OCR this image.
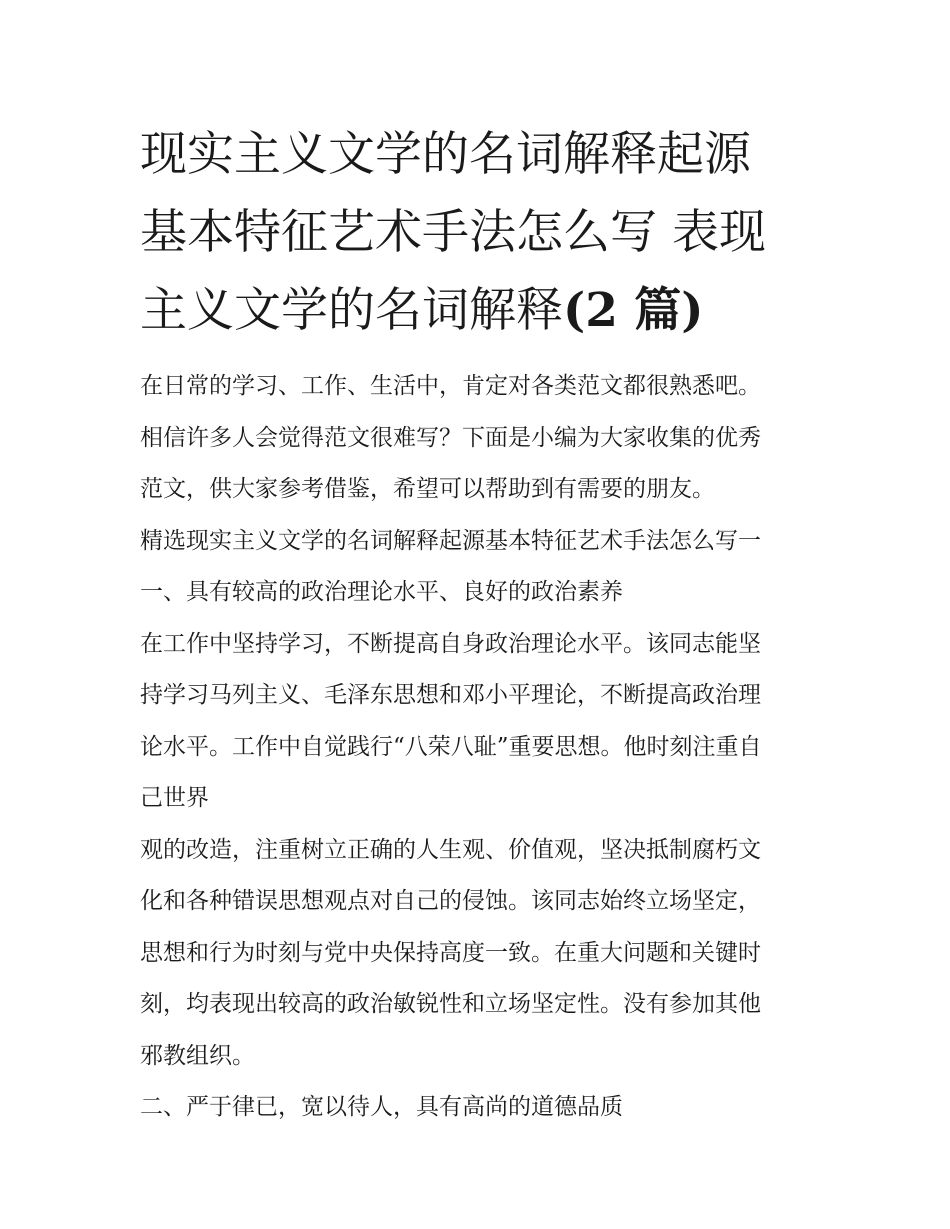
现实主义文学的名词解释起源
基本特征艺术手法怎么写 表现
主义文学的名词解释(2 篇)
在日常的学习、工作、生活中，肯定对各类范文都很熟悉吧。
相信许多人会觉得范文很难写？下面是小编为大家收集的优秀
范文，供大家参考借鉴，希望可以帮助到有需要的朋友。
精选现实主义文学的名词解释起源基本特征艺术手法怎么写一
一、具有较高的政治理论水平、良好的政治素养
在工作中坚持学习，不断提高自身政治理论水平。该同志能坚
持学习马列主义、毛泽东思想和邓小平理论，不断提高政治理
论水平。工作中自觉践行“八荣八耻”重要思想。他时刻注重自
己世界
观的改造，注重树立正确的人生观、价值观，坚决抵制腐朽文
化和各种错误思想观点对自己的侵蚀。该同志始终立场坚定，
思想和行为时刻与党中央保持高度一致。在重大问题和关键时
刻，均表现出较高的政治敏锐性和立场坚定性。没有参加其他
邪教组织。
二、严于律已，宽以待人，具有高尚的道德品质
